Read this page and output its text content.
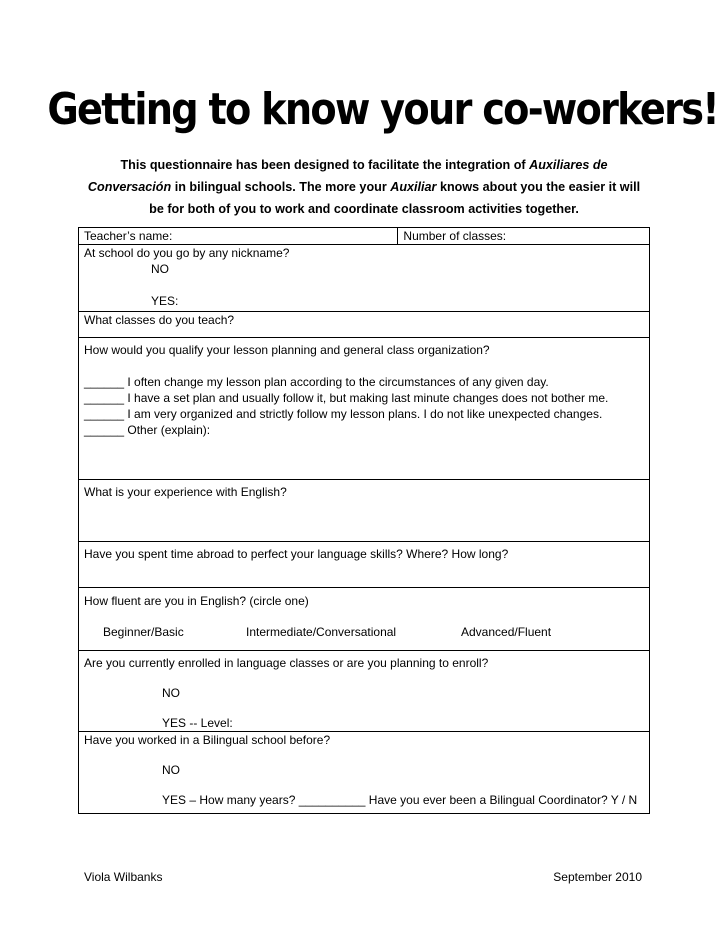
Getting to know your co-workers!
This questionnaire has been designed to facilitate the integration of Auxiliares de
Conversación in bilingual schools. The more your Auxiliar knows about you the easier it will
be for both of you to work and coordinate classroom activities together.
Teacher’s name:	Number of classes:

At school do you go by any nickname?
NO
YES:

What classes do you teach?

How would you qualify your lesson planning and general class organization?
______ I often change my lesson plan according to the circumstances of any given day.
______ I have a set plan and usually follow it, but making last minute changes does not bother me.
______ I am very organized and strictly follow my lesson plans. I do not like unexpected changes.
______ Other (explain):

What is your experience with English?

Have you spent time abroad to perfect your language skills? Where? How long?

How fluent are you in English? (circle one)
Beginner/Basic	Intermediate/Conversational	Advanced/Fluent

Are you currently enrolled in language classes or are you planning to enroll?
NO
YES -- Level:

Have you worked in a Bilingual school before?
NO
YES – How many years? __________ Have you ever been a Bilingual Coordinator? Y / N
Viola Wilbanks	September 2010
